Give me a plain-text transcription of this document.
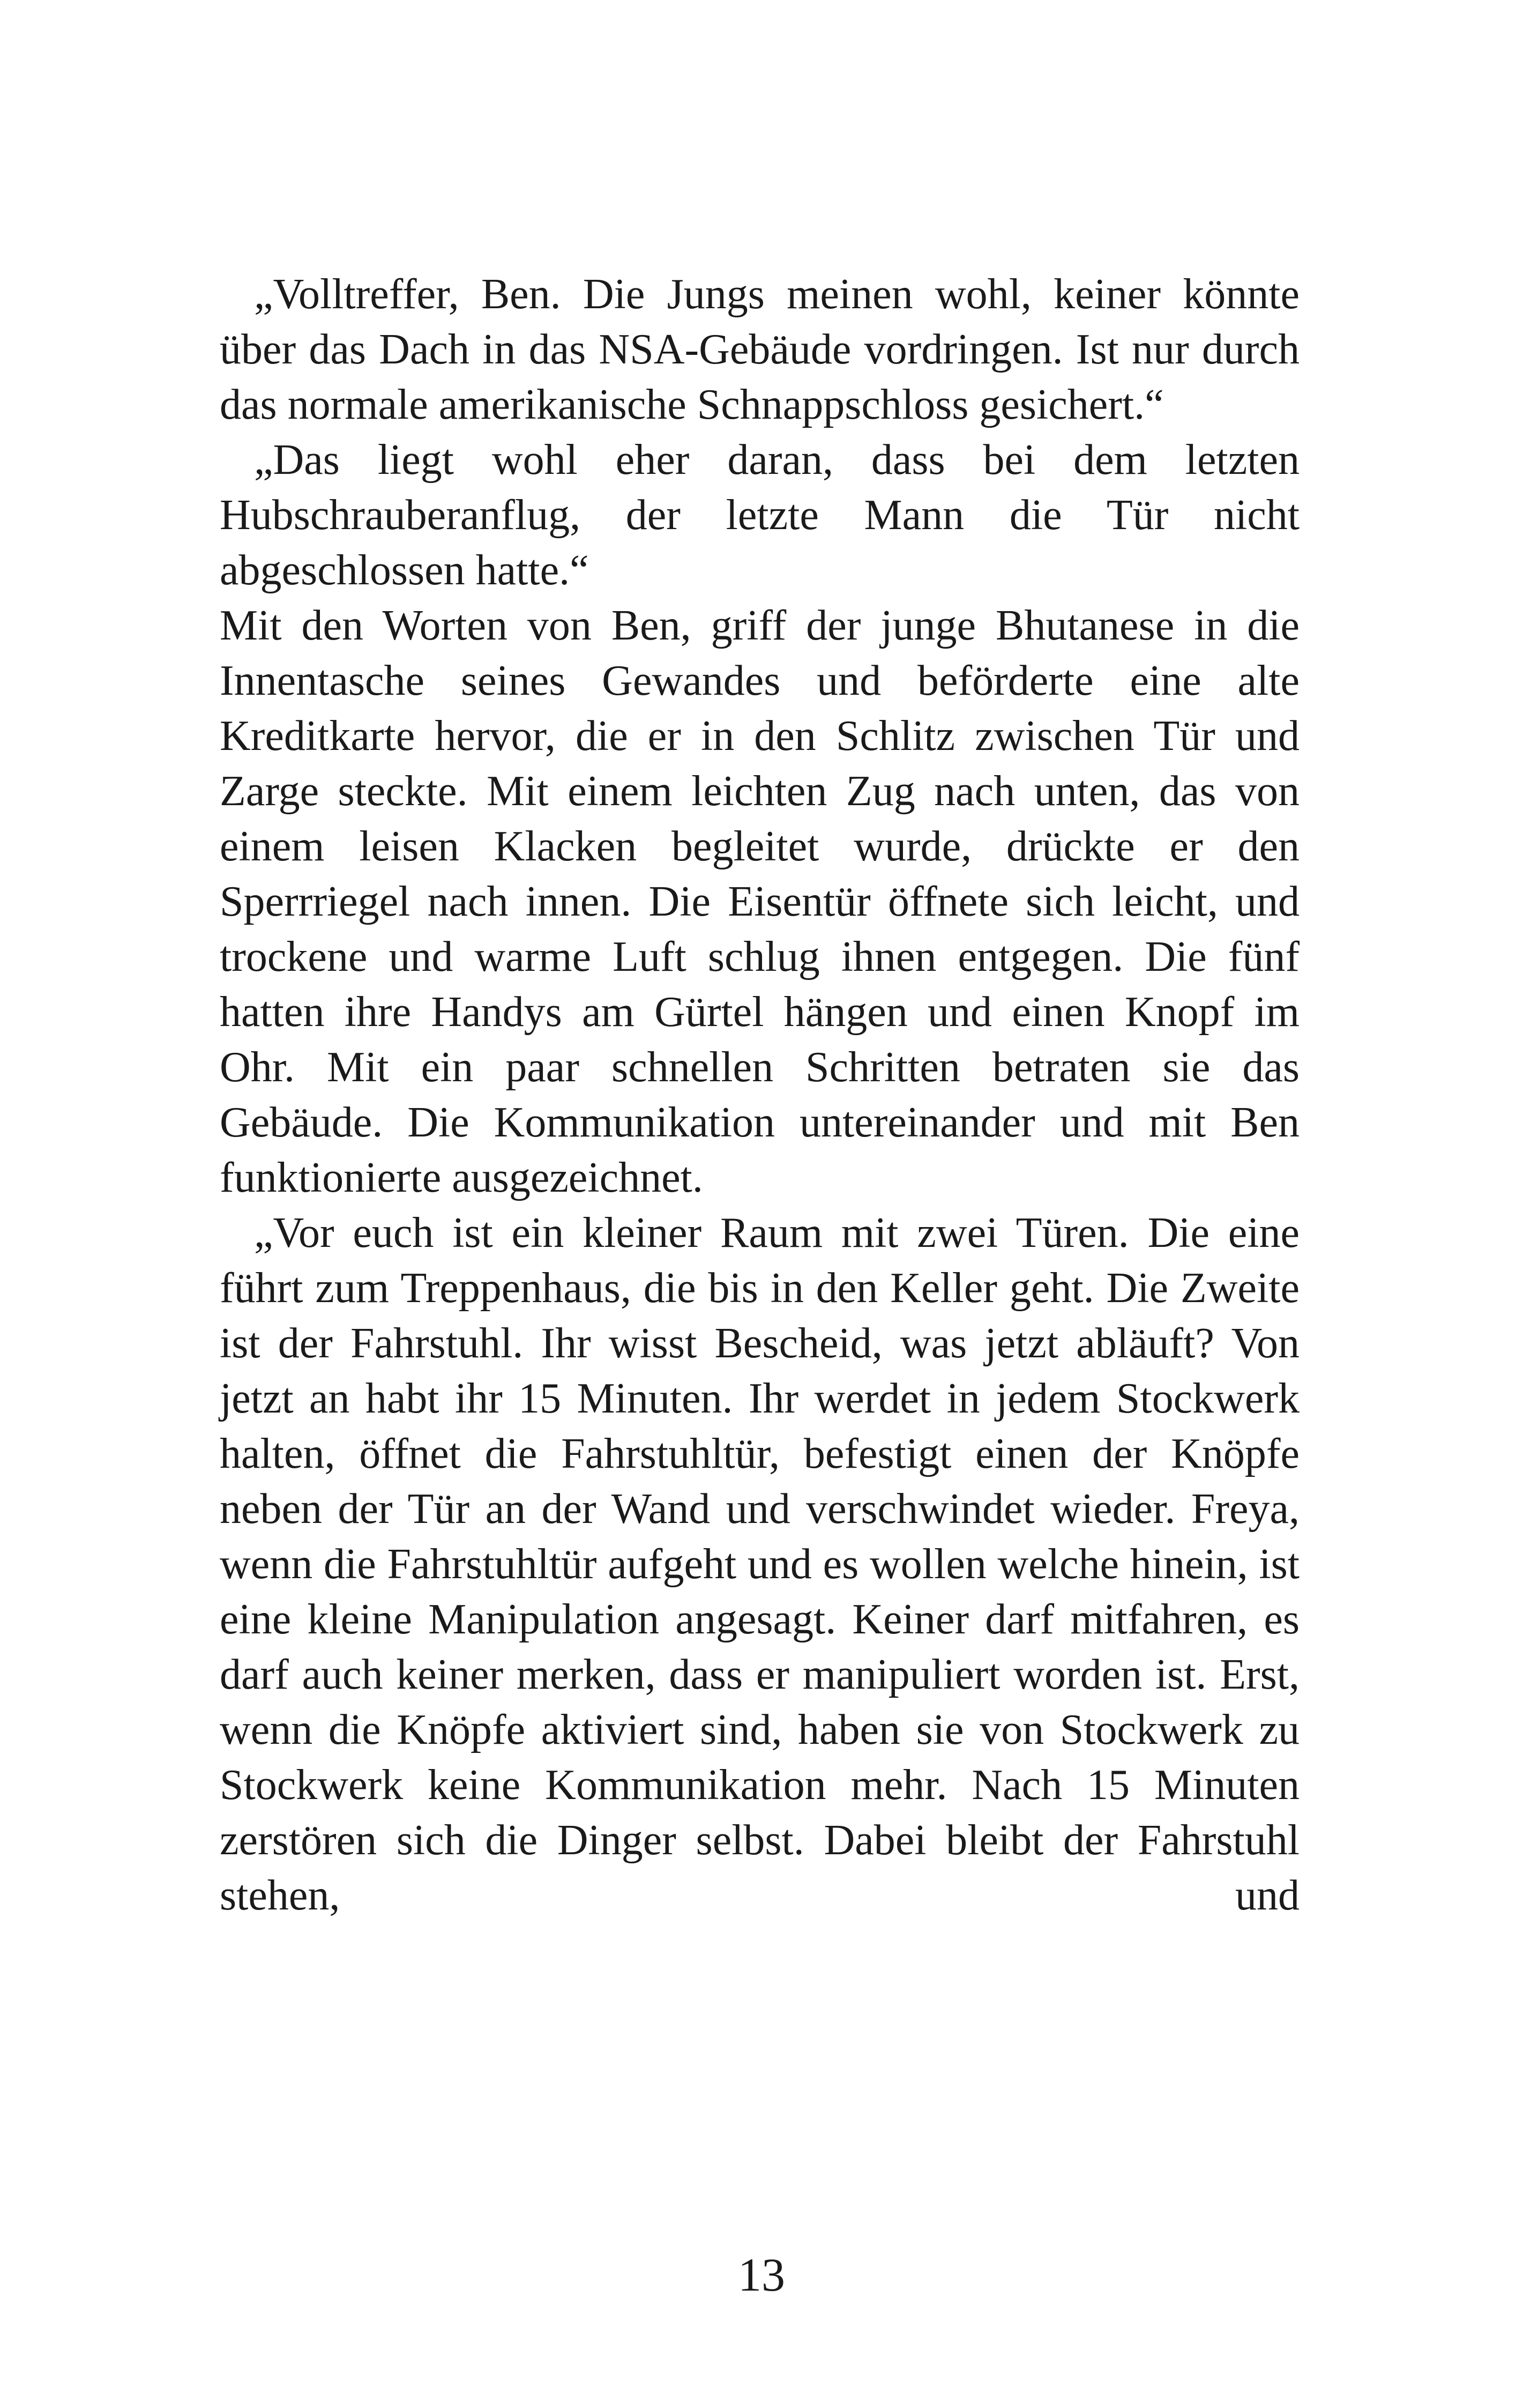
„Volltreffer, Ben. Die Jungs meinen wohl, keiner könnte über das Dach in das NSA-Gebäude vordringen. Ist nur durch das normale amerikanische Schnappschloss gesichert.“

„Das liegt wohl eher daran, dass bei dem letzten Hubschrauberanflug, der letzte Mann die Tür nicht abgeschlossen hatte.“

Mit den Worten von Ben, griff der junge Bhutanese in die Innentasche seines Gewandes und beförderte eine alte Kreditkarte hervor, die er in den Schlitz zwischen Tür und Zarge steckte. Mit einem leichten Zug nach unten, das von einem leisen Klacken begleitet wurde, drückte er den Sperrriegel nach innen. Die Eisentür öffnete sich leicht, und trockene und warme Luft schlug ihnen entgegen. Die fünf hatten ihre Handys am Gürtel hängen und einen Knopf im Ohr. Mit ein paar schnellen Schritten betraten sie das Gebäude. Die Kommunikation untereinander und mit Ben funktionierte ausgezeichnet.

„Vor euch ist ein kleiner Raum mit zwei Türen. Die eine führt zum Treppenhaus, die bis in den Keller geht. Die Zweite ist der Fahrstuhl. Ihr wisst Bescheid, was jetzt abläuft? Von jetzt an habt ihr 15 Minuten. Ihr werdet in jedem Stockwerk halten, öffnet die Fahrstuhltür, befestigt einen der Knöpfe neben der Tür an der Wand und verschwindet wieder. Freya, wenn die Fahrstuhltür aufgeht und es wollen welche hinein, ist eine kleine Manipulation angesagt. Keiner darf mitfahren, es darf auch keiner merken, dass er manipuliert worden ist. Erst, wenn die Knöpfe aktiviert sind, haben sie von Stockwerk zu Stockwerk keine Kommunikation mehr. Nach 15 Minuten zerstören sich die Dinger selbst. Dabei bleibt der Fahrstuhl stehen, und

13
